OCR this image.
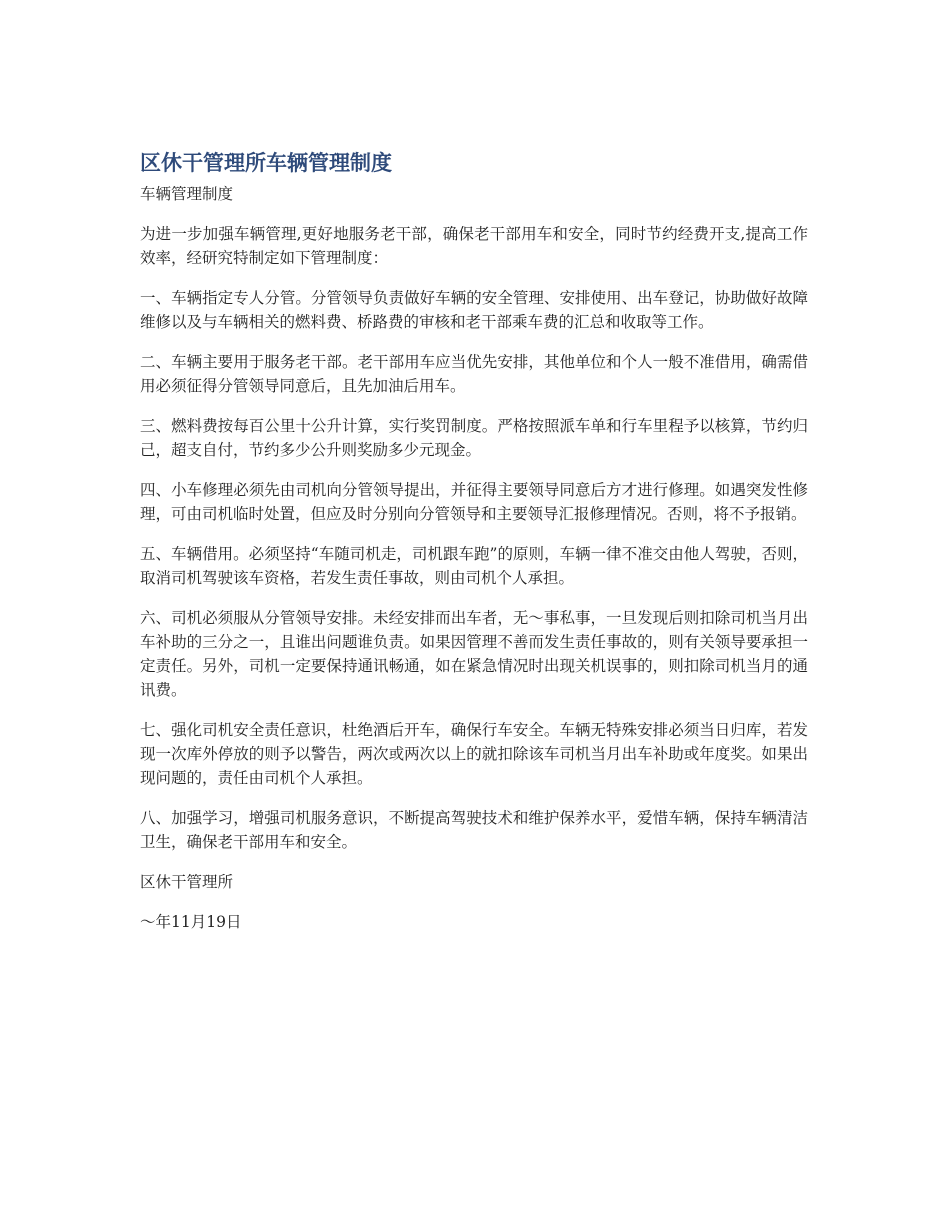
区休干管理所车辆管理制度

车辆管理制度

为进一步加强车辆管理,更好地服务老干部，确保老干部用车和安全，同时节约经费开支,提高工作效率，经研究特制定如下管理制度：

一、车辆指定专人分管。分管领导负责做好车辆的安全管理、安排使用、出车登记，协助做好故障维修以及与车辆相关的燃料费、桥路费的审核和老干部乘车费的汇总和收取等工作。

二、车辆主要用于服务老干部。老干部用车应当优先安排，其他单位和个人一般不准借用，确需借用必须征得分管领导同意后，且先加油后用车。

三、燃料费按每百公里十公升计算，实行奖罚制度。严格按照派车单和行车里程予以核算，节约归己，超支自付，节约多少公升则奖励多少元现金。

四、小车修理必须先由司机向分管领导提出，并征得主要领导同意后方才进行修理。如遇突发性修理，可由司机临时处置，但应及时分别向分管领导和主要领导汇报修理情况。否则，将不予报销。

五、车辆借用。必须坚持“车随司机走，司机跟车跑”的原则，车辆一律不准交由他人驾驶，否则，取消司机驾驶该车资格，若发生责任事故，则由司机个人承担。

六、司机必须服从分管领导安排。未经安排而出车者，无～事私事，一旦发现后则扣除司机当月出车补助的三分之一，且谁出问题谁负责。如果因管理不善而发生责任事故的，则有关领导要承担一定责任。另外，司机一定要保持通讯畅通，如在紧急情况时出现关机误事的，则扣除司机当月的通讯费。

七、强化司机安全责任意识，杜绝酒后开车，确保行车安全。车辆无特殊安排必须当日归库，若发现一次库外停放的则予以警告，两次或两次以上的就扣除该车司机当月出车补助或年度奖。如果出现问题的，责任由司机个人承担。

八、加强学习，增强司机服务意识，不断提高驾驶技术和维护保养水平，爱惜车辆，保持车辆清洁卫生，确保老干部用车和安全。

区休干管理所

～年11月19日
